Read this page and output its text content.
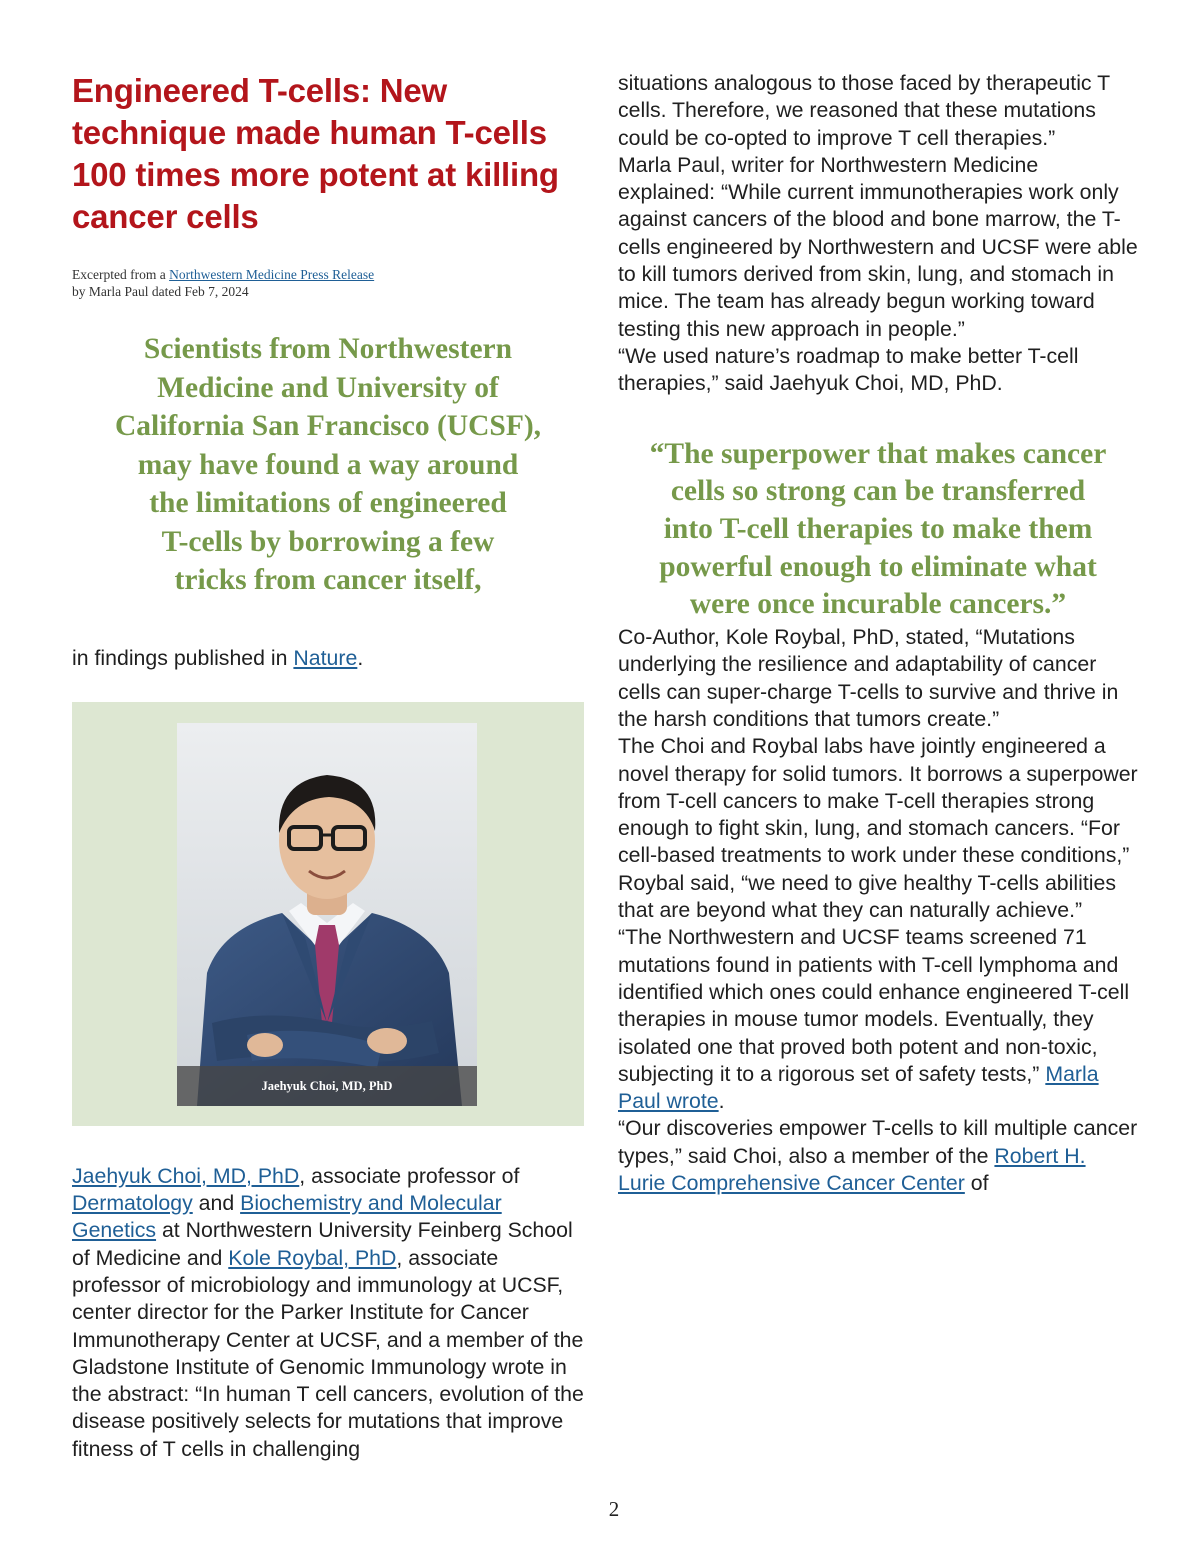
Engineered T-cells: New technique made human T-cells 100 times more potent at killing cancer cells
Excerpted from a Northwestern Medicine Press Release
by Marla Paul dated Feb 7, 2024
Scientists from Northwestern
Medicine and University of
California San Francisco (UCSF),
may have found a way around
the limitations of engineered
T-cells by borrowing a few
tricks from cancer itself,

in findings published in Nature.

Jaehyuk Choi, MD, PhD

Jaehyuk Choi, MD, PhD, associate professor of Dermatology and Biochemistry and Molecular Genetics at Northwestern University Feinberg School of Medicine and Kole Roybal, PhD, associate professor of microbiology and immunology at UCSF, center director for the Parker Institute for Cancer Immunotherapy Center at UCSF, and a member of the Gladstone Institute of Genomic Immunology wrote in the abstract: “In human T cell cancers, evolution of the disease positively selects for mutations that improve fitness of T cells in challenging

situations analogous to those faced by therapeutic T cells. Therefore, we reasoned that these mutations could be co-opted to improve T cell therapies.”

Marla Paul, writer for Northwestern Medicine explained: “While current immunotherapies work only against cancers of the blood and bone marrow, the T-cells engineered by Northwestern and UCSF were able to kill tumors derived from skin, lung, and stomach in mice. The team has already begun working toward testing this new approach in people.”

“We used nature’s roadmap to make better T-cell therapies,” said Jaehyuk Choi, MD, PhD.

“The superpower that makes cancer
cells so strong can be transferred
into T-cell therapies to make them
powerful enough to eliminate what
were once incurable cancers.”

Co-Author, Kole Roybal, PhD, stated, “Mutations underlying the resilience and adaptability of cancer cells can super-charge T-cells to survive and thrive in the harsh conditions that tumors create.”

The Choi and Roybal labs have jointly engineered a novel therapy for solid tumors. It borrows a superpower from T-cell cancers to make T-cell therapies strong enough to fight skin, lung, and stomach cancers. “For cell-based treatments to work under these conditions,” Roybal said, “we need to give healthy T-cells abilities that are beyond what they can naturally achieve.”

“The Northwestern and UCSF teams screened 71 mutations found in patients with T-cell lymphoma and identified which ones could enhance engineered T-cell therapies in mouse tumor models. Eventually, they isolated one that proved both potent and non-toxic, subjecting it to a rigorous set of safety tests,” Marla Paul wrote.

“Our discoveries empower T-cells to kill multiple cancer types,” said Choi, also a member of the Robert H. Lurie Comprehensive Cancer Center of

2
